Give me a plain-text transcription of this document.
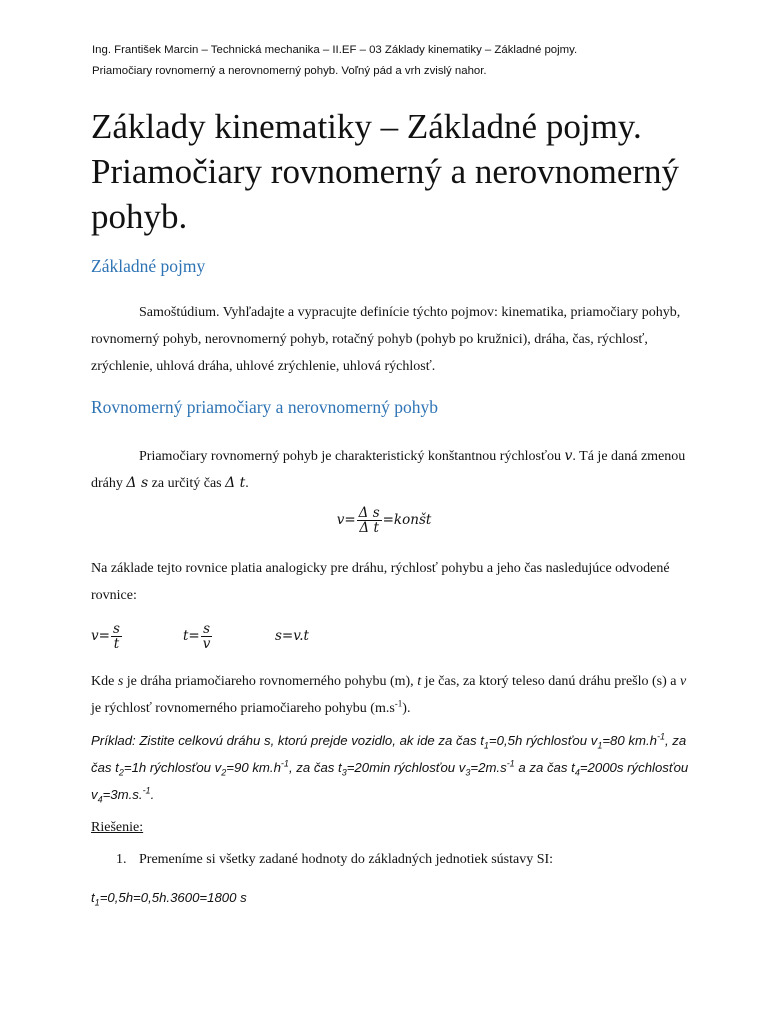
Ing. František Marcin – Technická mechanika – II.EF – 03 Základy kinematiky – Základné pojmy.
Priamočiary rovnomerný a nerovnomerný pohyb. Voľný pád a vrh zvislý nahor.
Základy kinematiky – Základné pojmy. Priamočiary rovnomerný a nerovnomerný pohyb.
Základné pojmy

Samoštúdium. Vyhľadajte a vypracujte definície týchto pojmov: kinematika, priamočiary pohyb, rovnomerný pohyb, nerovnomerný pohyb, rotačný pohyb (pohyb po kružnici), dráha, čas, rýchlosť, zrýchlenie, uhlová dráha, uhlové zrýchlenie, uhlová rýchlosť.

Rovnomerný priamočiary a nerovnomerný pohyb

Priamočiary rovnomerný pohyb je charakteristický konštantnou rýchlosťou v. Tá je daná zmenou dráhy Δ s za určitý čas Δ t.

$v= \frac{\text{Δ s}}{\text{Δ t}}$ =konšt

Na základe tejto rovnice platia analogicky pre dráhu, rýchlosť pohybu a jeho čas nasledujúce odvodené rovnice:

$v= \frac{s}{t}$	$t= \frac{s}{v}$	s=v.t

Kde s je dráha priamočiareho rovnomerného pohybu (m), t je čas, za ktorý teleso danú dráhu prešlo (s) a v je rýchlosť rovnomerného priamočiareho pohybu $(m.s^{-1})$.

Príklad: Zistite celkovú dráhu s, ktorú prejde vozidlo, ak ide za čas $t_1=0,5h$ rýchlosťou $v_1=80$ $km.h^{-1}$, za čas $t_2=1h$ rýchlosťou $v_2=90$ $km.h^{-1}$, za čas $t_3=20\min$ rýchlosťou $v_3=2m.s^{-1}$ a za čas $t_4=2000s$ rýchlosťou $v_4=3m.s.^{-1}$.

Riešenie:

1. Premeníme si všetky zadané hodnoty do základných jednotiek sústavy SI:

$t_1=0,5h=0,5h.3600=1800$ s
